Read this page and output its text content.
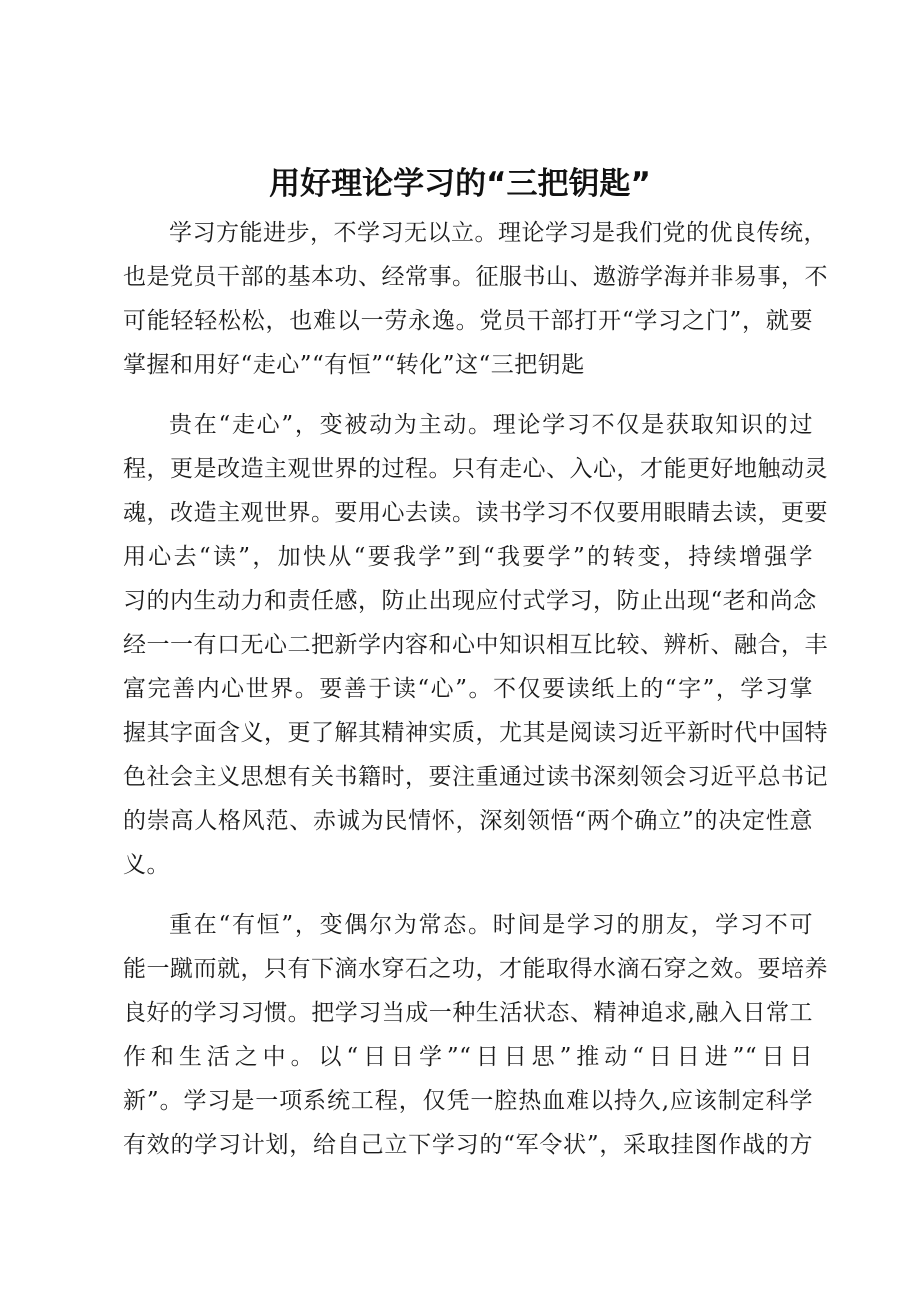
用好理论学习的“三把钥匙”
学习方能进步，不学习无以立。理论学习是我们党的优良传统，
也是党员干部的基本功、经常事。征服书山、遨游学海并非易事，不
可能轻轻松松，也难以一劳永逸。党员干部打开“学习之门”，就要
掌握和用好“走心”“有恒”“转化”这“三把钥匙
贵在“走心”，变被动为主动。理论学习不仅是获取知识的过
程，更是改造主观世界的过程。只有走心、入心，才能更好地触动灵
魂，改造主观世界。要用心去读。读书学习不仅要用眼睛去读，更要
用心去“读”，加快从“要我学”到“我要学”的转变，持续增强学
习的内生动力和责任感，防止出现应付式学习，防止出现“老和尚念
经一一有口无心二把新学内容和心中知识相互比较、辨析、融合，丰
富完善内心世界。要善于读“心”。不仅要读纸上的“字”，学习掌
握其字面含义，更了解其精神实质，尤其是阅读习近平新时代中国特
色社会主义思想有关书籍时，要注重通过读书深刻领会习近平总书记
的崇高人格风范、赤诚为民情怀，深刻领悟“两个确立”的决定性意
义。
重在“有恒”，变偶尔为常态。时间是学习的朋友，学习不可
能一蹴而就，只有下滴水穿石之功，才能取得水滴石穿之效。要培养
良好的学习习惯。把学习当成一种生活状态、精神追求,融入日常工
作和生活之中。以“日日学”“日日思”推动“日日进”“日日
新”。学习是一项系统工程，仅凭一腔热血难以持久,应该制定科学
有效的学习计划，给自己立下学习的“军令状”，采取挂图作战的方
